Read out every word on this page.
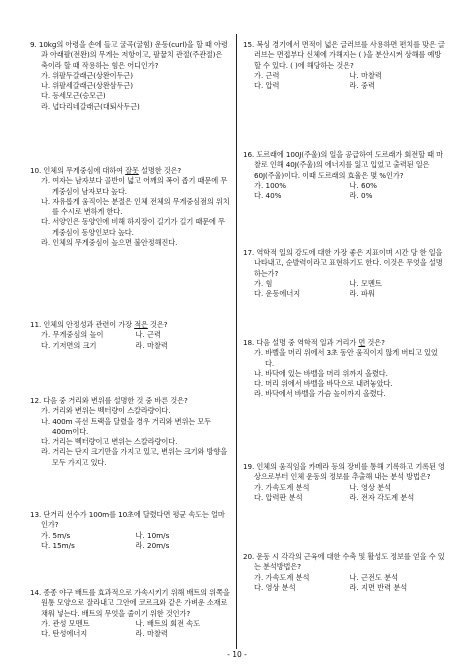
9. 10kg의 아령을 손에 들고 굴곡(굴힘) 운동(curl)을 할 때 아령과 아래팔(전완)의 무게는 저항이고, 팔꿉치 관절(주관절)은 축이라 할 때 작용하는 힘은 어디인가?
가. 위팔두갈래근(상완이두근)
나. 위팔세갈래근(상완삼두근)
다. 등세모근(승모근)
라. 넙다리네갈래근(대퇴사두근)
10. 인체의 무게중심에 대하여 잘못 설명한 것은?
가. 여자는 남자보다 골반이 넓고 어깨의 폭이 좁기 때문에 무게중심이 남자보다 높다.
나. 자유롭게 움직이는 분절은 인체 전체의 무게중심점의 위치를 수시로 변하게 한다.
다. 서양인은 동양인에 비해 하지장이 길기가 길기 때문에 무게중심이 동양인보다 높다.
라. 인체의 무게중심이 높으면 불안정해진다.
11. 인체의 안정성과 관련이 가장 적은 것은?
가. 무게중심의 높이	나. 근력
다. 기저면의 크기	라. 마찰력
12. 다음 중 거리와 변위를 설명한 것 중 바른 것은?
가. 거리와 변위는 벡터량이 스칼라량이다.
나. 400m 곡선 트랙을 달렸을 경우 거리와 변위는 모두 400m이다.
다. 거리는 벡터량이고 변위는 스칼라량이다.
라. 거리는 단지 크기만을 가지고 있고, 변위는 크기와 방향을 모두 가지고 있다.
13. 단거리 선수가 100m를 10초에 달렸다면 평균 속도는 얼마인가?
가. 5m/s	나. 10m/s
다. 15m/s	라. 20m/s
14. 종종 야구 배트를 효과적으로 가속시키기 위해 배트의 위쪽을 원통 모양으로 잘라내고 그안에 코르크와 같은 가벼운 소재로 채워 넣는다. 배트의 무엇을 줄이기 위한 것인가?
가. 관성 모멘트	나. 배트의 회전 속도
다. 탄성에너지	라. 마찰력
15. 복싱 경기에서 면적이 넓은 글러브를 사용하면 편치를 맞은 글러브는 면접부다 신체에 가해지는 ( )을 분산시켜 상해를 예방할 수 있다. ( )에 해당하는 것은?
가. 근력	나. 마찰력
다. 압력	라. 중력
16. 도르래에 100J(주울)의 일을 공급하여 도르래가 회전할 때 마찰로 인해 40J(주울)의 에너지를 잃고 입었고 출력된 일은 60J(주울)이다. 이때 도르래의 효율은 몇 %인가?
가. 100%	나. 60%
다. 40%	라. 0%
17. 역학적 일의 강도에 대한 가장 좋은 지표이며 시간 당 한 일을 나타내고, 순발력이라고 표현하기도 한다. 이것은 무엇을 설명 하는가?
가. 힘	나. 모멘트
다. 운동에너지	라. 파워
18. 다음 설명 중 역학적 일과 거리가 먼 것은?
가. 바벨을 머리 위에서 3초 동안 움직이지 않게 버티고 있었다.
나. 바닥에 있는 바벨을 머리 위까지 올렸다.
다. 머리 위에서 바벨을 바닥으로 내려놓았다.
라. 바닥에서 바벨을 가슴 높이까지 올렸다.
19. 인체의 움직임을 카메라 등의 장비를 통해 기록하고 기록된 영상으로부터 인체 운동의 정보를 추출해 내는 분석 방법은?
가. 가속도계 분석	나. 영상 분석
다. 압력판 분석	라. 전자 각도계 분석
20. 운동 시 각각의 근육에 대한 수축 및 활성도 정보를 얻을 수 있는 분석방법은?
가. 가속도계 분석	나. 근전도 분석
다. 영상 분석	라. 지면 반력 분석
- 10 -
